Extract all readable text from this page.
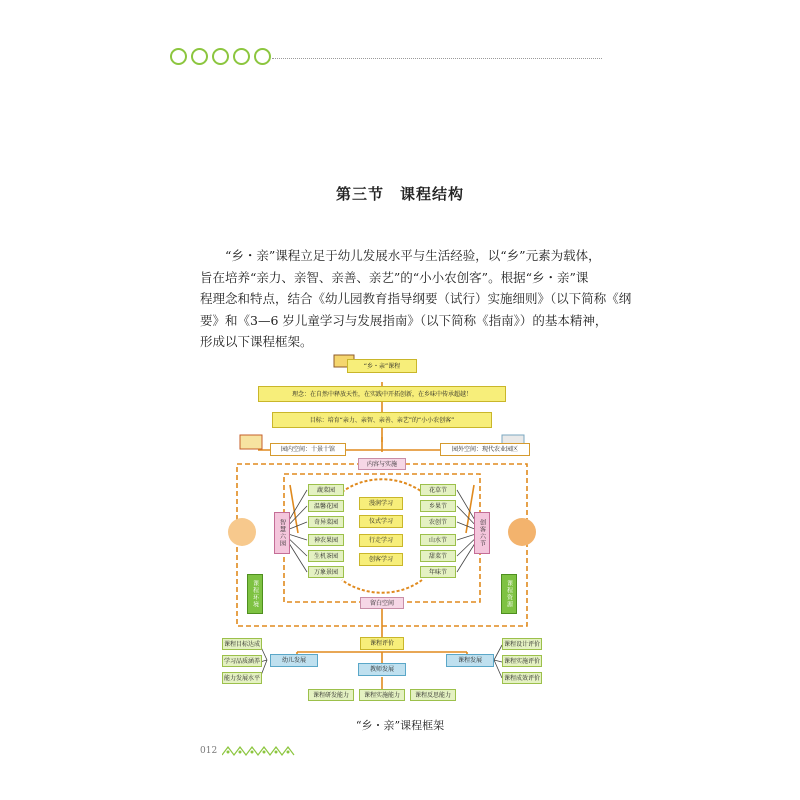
第三节　课程结构

“乡・亲”课程立足于幼儿发展水平与生活经验，以“乡”元素为载体，
旨在培养“亲力、亲智、亲善、亲艺”的“小小农创客”。根据“乡・亲”课
程理念和特点，结合《幼儿园教育指导纲要（试行）实施细则》（以下简称《纲
要》和《3—6 岁儿童学习与发展指南》（以下简称《指南》）的基本精神，
形成以下课程框架。

“乡・亲”课程
理念：在自然中释放天性，在实践中开拓创新，在乡味中传承超越！
目标：培育“亲力、亲智、亲善、亲艺”的“小小农创客”
园内空间：十景十馆	园外空间：现代农业园区
内容与实施
智慧六园
蔬菜园
温馨花园
奇异菜园
神农果园
生机茶园
万象景园
漫润学习
仪式学习
行走学习
创客学习
花草节
乡果节
农创节
山水节
甜菜节
年味节
创客六节
课程环境	课程资源
留白空间
课程评价
幼儿发展
教师发展
课程发展
课程目标达成
学习品质涵养
能力发展水平
课程设计评价
课程实施评价
课程成效评价
课程研发能力	课程实施能力	课程反思能力
“乡・亲”课程框架
012
